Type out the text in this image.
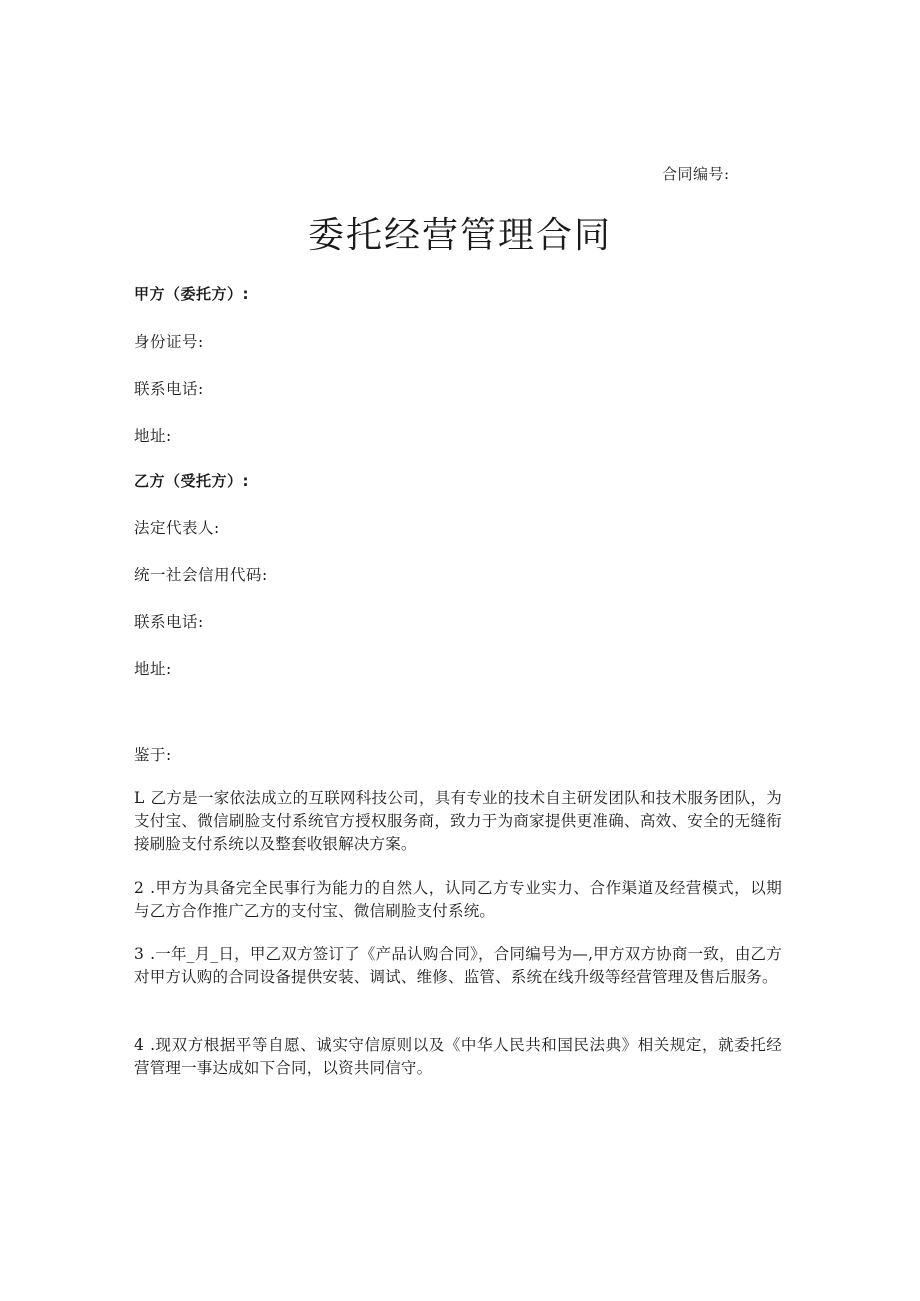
合同编号:
委托经营管理合同
甲方（委托方）:
身份证号:
联系电话:
地址:
乙方（受托方）:
法定代表人:
统一社会信用代码:
联系电话:
地址:
鉴于:
L 乙方是一家依法成立的互联网科技公司，具有专业的技术自主研发团队和技术服务团队，为支付宝、微信刷脸支付系统官方授权服务商，致力于为商家提供更准确、高效、安全的无缝衔接刷脸支付系统以及整套收银解决方案。
2 .甲方为具备完全民事行为能力的自然人，认同乙方专业实力、合作渠道及经营模式，以期与乙方合作推广乙方的支付宝、微信刷脸支付系统。
3 .一年_月_日，甲乙双方签订了《产品认购合同》，合同编号为—,甲方双方协商一致，由乙方对甲方认购的合同设备提供安装、调试、维修、监管、系统在线升级等经营管理及售后服务。
4 .现双方根据平等自愿、诚实守信原则以及《中华人民共和国民法典》相关规定，就委托经营管理一事达成如下合同，以资共同信守。
